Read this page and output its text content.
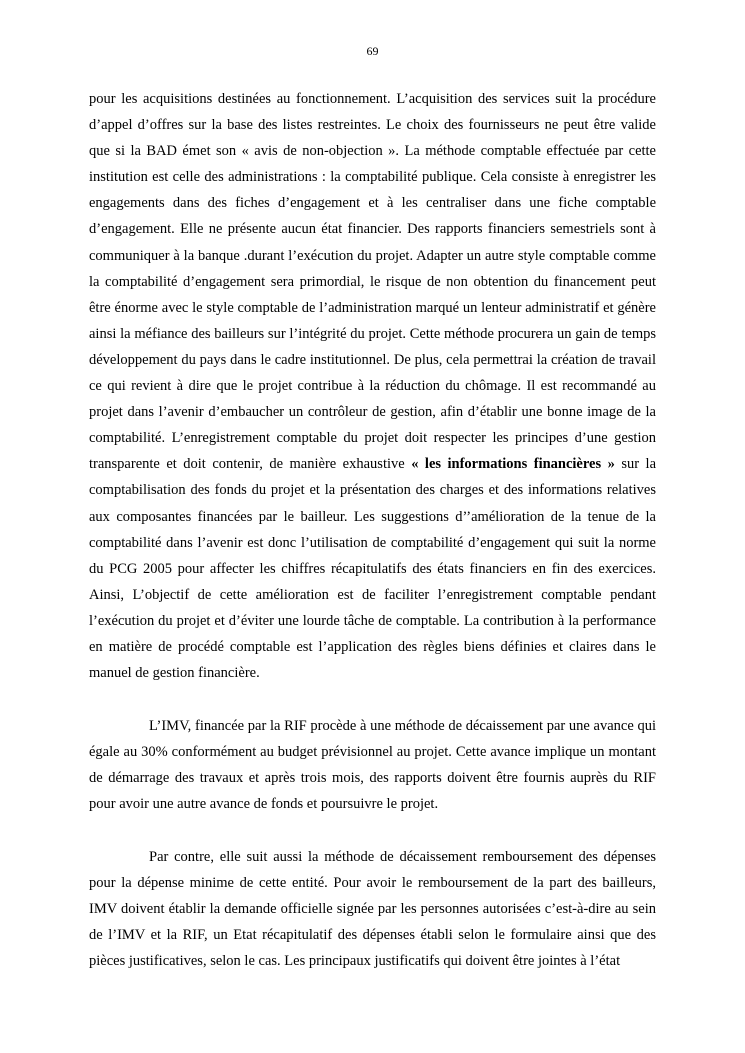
69

pour les acquisitions destinées au fonctionnement. L’acquisition des services suit la procédure d’appel d’offres sur la base des listes restreintes. Le choix des fournisseurs ne peut être valide que si la BAD émet son « avis de non-objection ». La méthode comptable effectuée par cette institution est celle des administrations : la comptabilité publique. Cela consiste à enregistrer les engagements dans des fiches d’engagement et à les centraliser dans une fiche comptable d’engagement. Elle ne présente aucun état financier. Des rapports financiers semestriels sont à communiquer à la banque .durant l’exécution du projet. Adapter un autre style comptable comme la comptabilité d’engagement sera primordial, le risque de non obtention du financement peut être énorme avec le style comptable de l’administration marqué un lenteur administratif et génère ainsi la méfiance des bailleurs sur l’intégrité du projet. Cette méthode procurera un gain de temps développement du pays dans le cadre institutionnel. De plus, cela permettrai la création de travail ce qui revient à dire que le projet contribue à la réduction du chômage. Il est recommandé au projet dans l’avenir d’embaucher un contrôleur de gestion, afin d’établir une bonne image de la comptabilité. L’enregistrement comptable du projet doit respecter les principes d’une gestion transparente et doit contenir, de manière exhaustive « les informations financières » sur la comptabilisation des fonds du projet et la présentation des charges et des informations relatives aux composantes financées par le bailleur. Les suggestions d’’amélioration de la tenue de la comptabilité dans l’avenir est donc l’utilisation de comptabilité d’engagement qui suit la norme du PCG 2005 pour affecter les chiffres récapitulatifs des états financiers en fin des exercices. Ainsi, L’objectif de cette amélioration est de faciliter l’enregistrement comptable pendant l’exécution du projet et d’éviter une lourde tâche de comptable. La contribution à la performance en matière de procédé comptable est l’application des règles biens définies et claires dans le manuel de gestion financière.

L’IMV, financée par la RIF procède à une méthode de décaissement par une avance qui égale au 30% conformément au budget prévisionnel au projet. Cette avance implique un montant de démarrage des travaux et après trois mois, des rapports doivent être fournis auprès du RIF pour avoir une autre avance de fonds et poursuivre le projet.

Par contre, elle suit aussi la méthode de décaissement remboursement des dépenses pour la dépense minime de cette entité. Pour avoir le remboursement de la part des bailleurs, IMV doivent établir la demande officielle signée par les personnes autorisées c’est-à-dire au sein de l’IMV et la RIF, un Etat récapitulatif des dépenses établi selon le formulaire ainsi que des pièces justificatives, selon le cas. Les principaux justificatifs qui doivent être jointes à l’état
